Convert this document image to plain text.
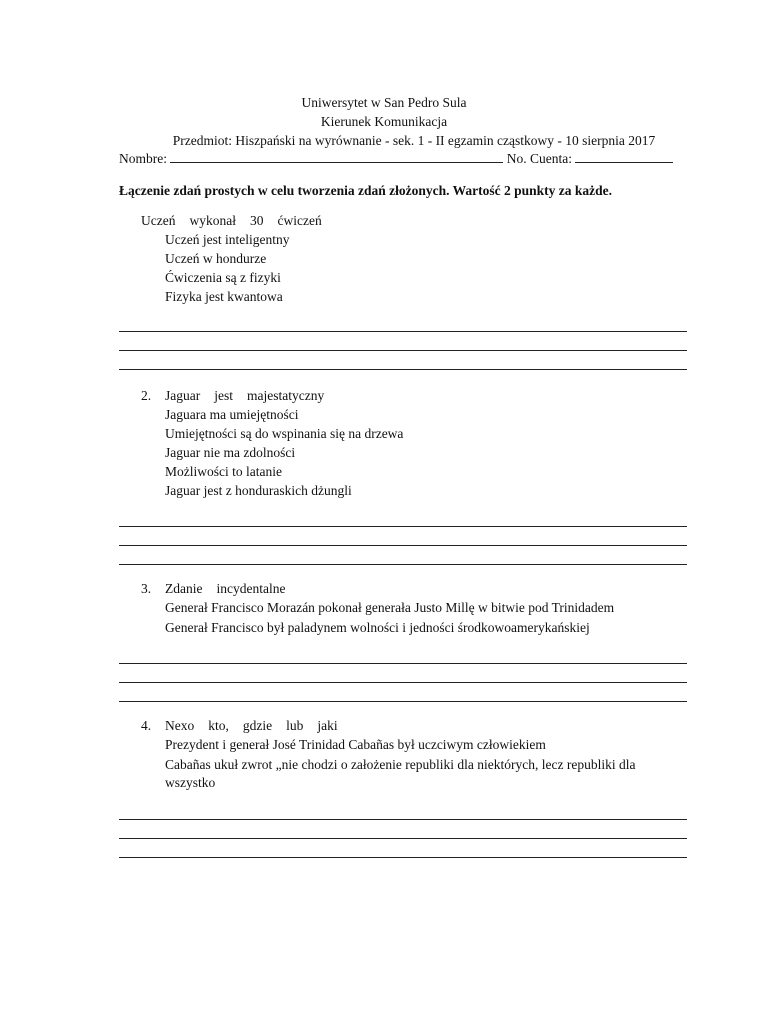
Uniwersytet w San Pedro Sula
Kierunek Komunikacja
Przedmiot: Hiszpański na wyrównanie - sek. 1 - II egzamin cząstkowy - 10 sierpnia 2017
Nombre:	No. Cuenta:
Łączenie zdań prostych w celu tworzenia zdań złożonych. Wartość 2 punkty za każde.
Uczeń wykonał 30 ćwiczeń
Uczeń jest inteligentny
Uczeń w hondurze
Ćwiczenia są z fizyki
Fizyka jest kwantowa
2. Jaguar jest majestatyczny
Jaguara ma umiejętności
Umiejętności są do wspinania się na drzewa
Jaguar nie ma zdolności
Możliwości to latanie
Jaguar jest z honduraskich dżungli
3. Zdanie incydentalne
Generał Francisco Morazán pokonał generała Justo Millę w bitwie pod Trinidadem
Generał Francisco był paladynem wolności i jedności środkowoamerykańskiej
4. Nexo kto, gdzie lub jaki
Prezydent i generał José Trinidad Cabañas był uczciwym człowiekiem
Cabañas ukuł zwrot „nie chodzi o założenie republiki dla niektórych, lecz republiki dla wszystko
